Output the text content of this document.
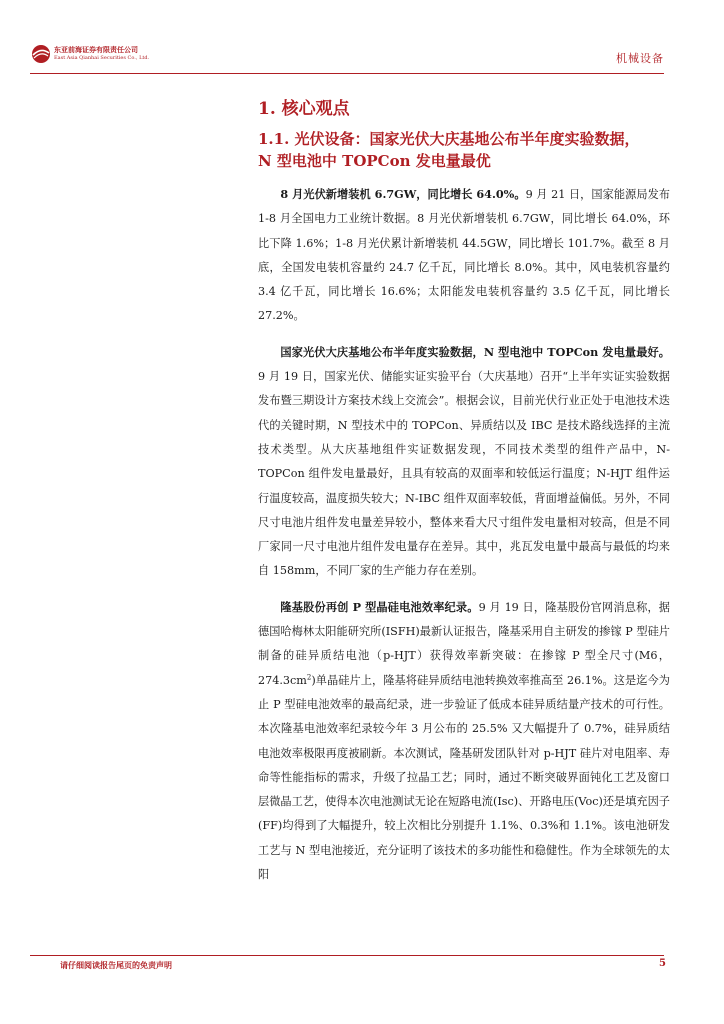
东亚前海证券有限责任公司
East Asia Qianhai Securities Co., Ltd.	机械设备
1. 核心观点
1.1. 光伏设备：国家光伏大庆基地公布半年度实验数据，
N 型电池中 TOPCon 发电量最优

8 月光伏新增装机 6.7GW，同比增长 64.0%。9 月 21 日，国家能源局发布 1-8 月全国电力工业统计数据。8 月光伏新增装机 6.7GW，同比增长 64.0%，环比下降 1.6%；1-8 月光伏累计新增装机 44.5GW，同比增长 101.7%。截至 8 月底，全国发电装机容量约 24.7 亿千瓦，同比增长 8.0%。其中，风电装机容量约 3.4 亿千瓦，同比增长 16.6%；太阳能发电装机容量约 3.5 亿千瓦，同比增长 27.2%。

国家光伏大庆基地公布半年度实验数据，N 型电池中 TOPCon 发电量最好。9 月 19 日，国家光伏、储能实证实验平台（大庆基地）召开“上半年实证实验数据发布暨三期设计方案技术线上交流会”。根据会议，目前光伏行业正处于电池技术迭代的关键时期，N 型技术中的 TOPCon、异质结以及 IBC 是技术路线选择的主流技术类型。从大庆基地组件实证数据发现，不同技术类型的组件产品中，N-TOPCon 组件发电量最好，且具有较高的双面率和较低运行温度；N-HJT 组件运行温度较高，温度损失较大；N-IBC 组件双面率较低，背面增益偏低。另外，不同尺寸电池片组件发电量差异较小，整体来看大尺寸组件发电量相对较高，但是不同厂家同一尺寸电池片组件发电量存在差异。其中，兆瓦发电量中最高与最低的均来自 158mm，不同厂家的生产能力存在差别。

隆基股份再创 P 型晶硅电池效率纪录。9 月 19 日，隆基股份官网消息称，据德国哈梅林太阳能研究所(ISFH)最新认证报告，隆基采用自主研发的掺镓 P 型硅片制备的硅异质结电池（p-HJT）获得效率新突破：在掺镓 P 型全尺寸(M6，$274.3cm^2$)单晶硅片上，隆基将硅异质结电池转换效率推高至 26.1%。这是迄今为止 P 型硅电池效率的最高纪录，进一步验证了低成本硅异质结量产技术的可行性。本次隆基电池效率纪录较今年 3 月公布的 25.5% 又大幅提升了 0.7%，硅异质结电池效率极限再度被刷新。本次测试，隆基研发团队针对 p-HJT 硅片对电阻率、寿命等性能指标的需求，升级了拉晶工艺；同时，通过不断突破界面钝化工艺及窗口层微晶工艺，使得本次电池测试无论在短路电流(Isc)、开路电压(Voc)还是填充因子(FF)均得到了大幅提升，较上次相比分别提升 1.1%、0.3%和 1.1%。该电池研发工艺与 N 型电池接近，充分证明了该技术的多功能性和稳健性。作为全球领先的太阳

请仔细阅读报告尾页的免责声明	5
